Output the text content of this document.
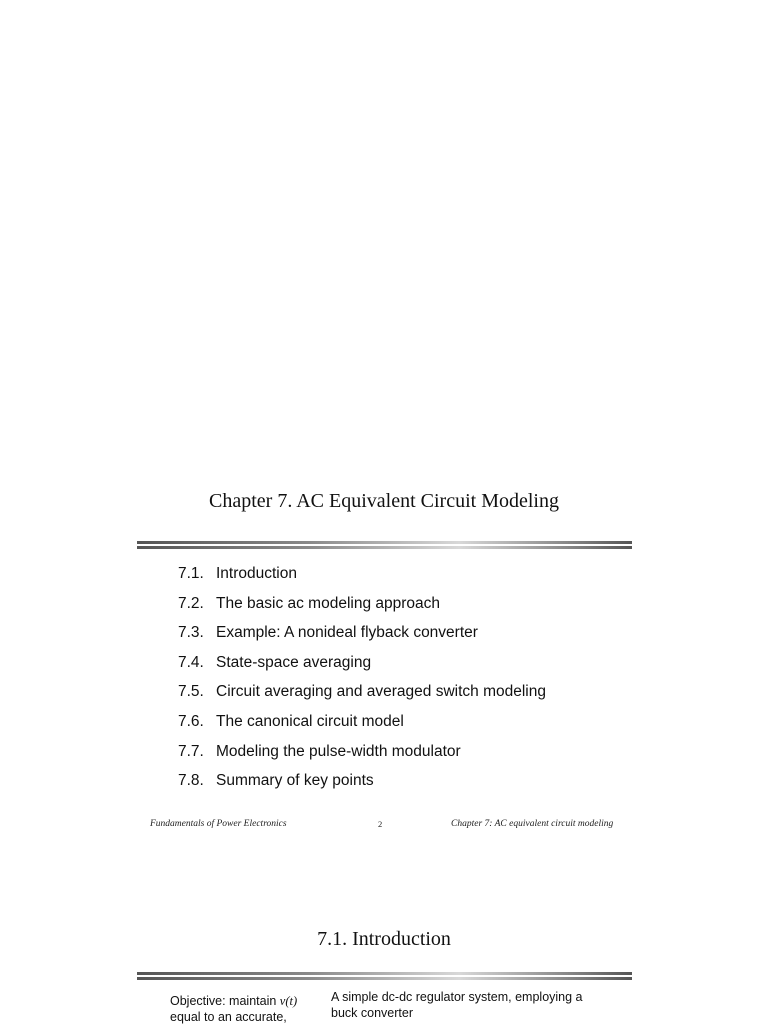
Chapter 7. AC Equivalent Circuit Modeling
7.1. Introduction
7.2. The basic ac modeling approach
7.3. Example: A nonideal flyback converter
7.4. State-space averaging
7.5. Circuit averaging and averaged switch modeling
7.6. The canonical circuit model
7.7. Modeling the pulse-width modulator
7.8. Summary of key points
Fundamentals of Power Electronics	2	Chapter 7: AC equivalent circuit modeling
7.1. Introduction
Objective: maintain v(t)
equal to an accurate,
A simple dc-dc regulator system, employing a
buck converter
